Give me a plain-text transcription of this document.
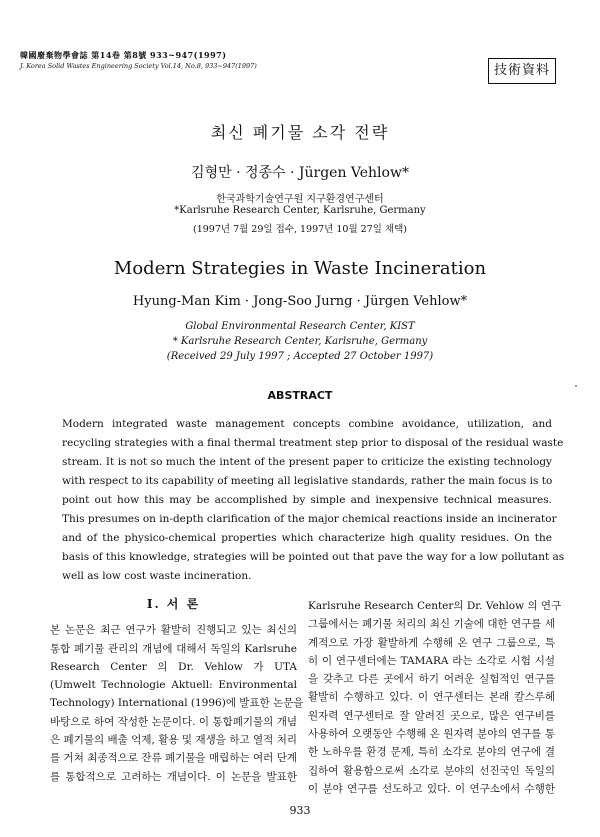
韓國廢棄物學會誌 第14卷 第8號 933~947(1997)
J. Korea Solid Wastes Engineering Society Vol.14, No.8, 933~947(1997)	技術資料
최신 폐기물 소각 전략
김형만 · 정종수 · Jürgen Vehlow*
한국과학기술연구원 지구환경연구센터
*Karlsruhe Research Center, Karlsruhe, Germany
(1997년 7월 29일 접수, 1997년 10월 27일 채택)
Modern Strategies in Waste Incineration
Hyung-Man Kim · Jong-Soo Jurng · Jürgen Vehlow*
Global Environmental Research Center, KIST
* Karlsruhe Research Center, Karlsruhe, Germany
(Received 29 July 1997 ; Accepted 27 October 1997)
ABSTRACT
Modern integrated waste management concepts combine avoidance, utilization, and
recycling strategies with a final thermal treatment step prior to disposal of the residual waste
stream. It is not so much the intent of the present paper to criticize the existing technology
with respect to its capability of meeting all legislative standards, rather the main focus is to
point out how this may be accomplished by simple and inexpensive technical measures.
This presumes on in-depth clarification of the major chemical reactions inside an incinerator
and of the physico-chemical properties which characterize high quality residues. On the
basis of this knowledge, strategies will be pointed out that pave the way for a low pollutant as
well as low cost waste incineration.
I. 서 론
본 논문은 최근 연구가 활발히 진행되고 있는 최신의
통합 폐기물 관리의 개념에 대해서 독일의 Karlsruhe
Research Center 의 Dr. Vehlow 가 UTA
(Umwelt Technologie Aktuell: Environmental
Technology) International (1996)에 발표한 논문을
바탕으로 하여 작성한 논문이다. 이 통합폐기물의 개념
은 폐기물의 배출 억제, 활용 및 재생을 하고 열적 처리
를 거쳐 최종적으로 잔류 폐기물을 매립하는 여러 단계
를 통합적으로 고려하는 개념이다. 이 논문을 발표한
Karlsruhe Research Center의 Dr. Vehlow 의 연구
그룹에서는 폐기물 처리의 최신 기술에 대한 연구를 세
계적으로 가장 활발하게 수행해 온 연구 그룹으로, 특
히 이 연구센터에는 TAMARA 라는 소각로 시험 시설
을 갖추고 다른 곳에서 하기 어려운 실험적인 연구를
활발히 수행하고 있다. 이 연구센터는 본래 칼스루헤
원자력 연구센터로 잘 알려진 곳으로, 많은 연구비를
사용하여 오랫동안 수행해 온 원자력 분야의 연구를 통
한 노하우를 환경 문제, 특히 소각로 분야의 연구에 결
집하여 활용함으로써 소각로 분야의 선진국인 독일의
이 분야 연구를 선도하고 있다. 이 연구소에서 수행한
933
